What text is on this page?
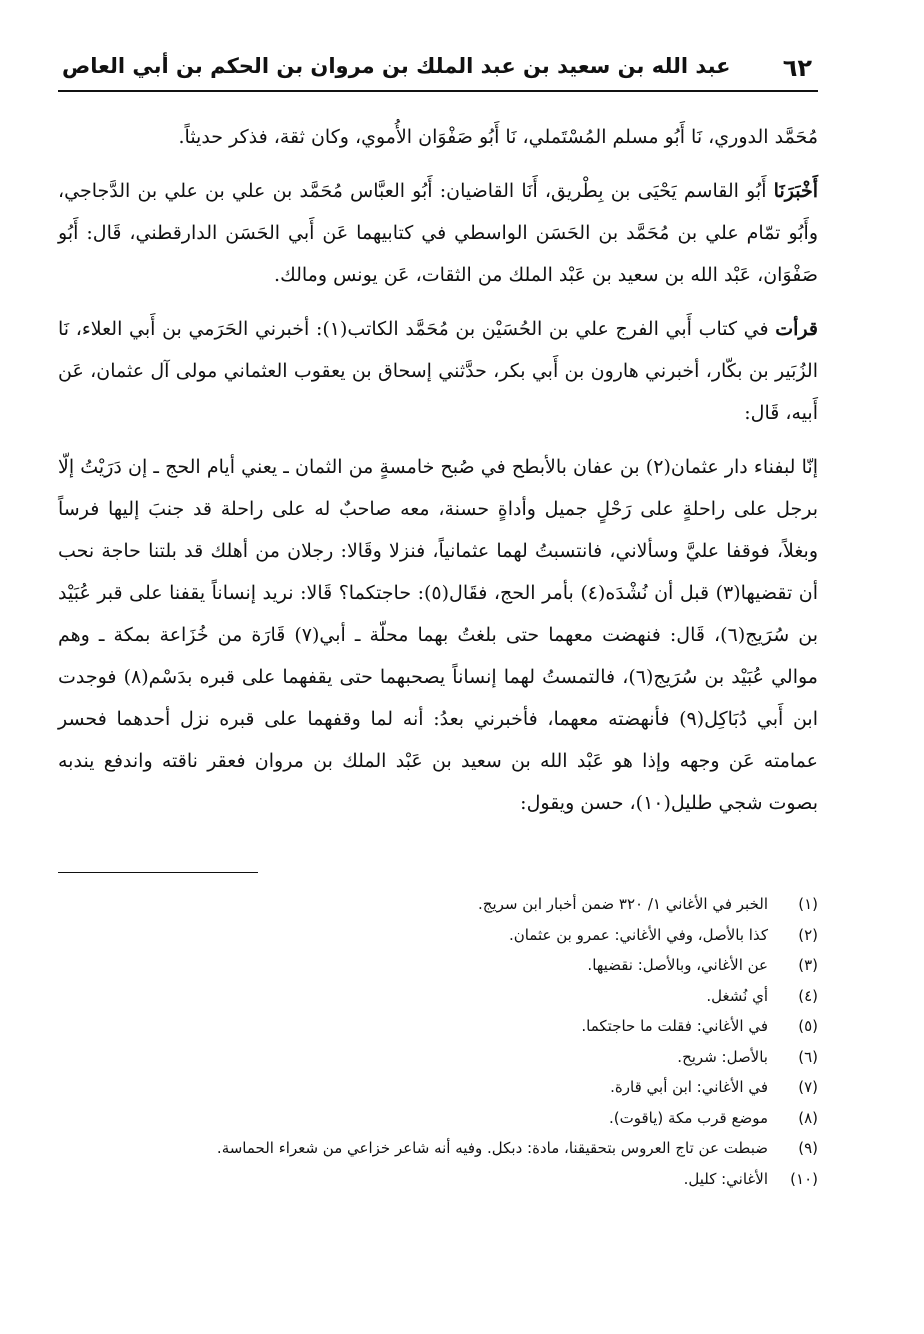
٦٢
عبد الله بن سعيد بن عبد الملك بن مروان بن الحكم بن أبي العاص

مُحَمَّد الدوري، نَا أَبُو مسلم المُسْتَملي، نَا أَبُو صَفْوَان الأُموي، وكان ثقة، فذكر حديثاً.

أَخْبَرَنَا أَبُو القاسم يَحْيَى بن بِطْريق، أَنَا القاضيان: أَبُو العبَّاس مُحَمَّد بن علي بن علي بن الدَّجاجي، وأَبُو تمّام علي بن مُحَمَّد بن الحَسَن الواسطي في كتابيهما عَن أَبي الحَسَن الدارقطني، قَال: أَبُو صَفْوَان، عَبْد الله بن سعيد بن عَبْد الملك من الثقات، عَن يونس ومالك.

قرأت في كتاب أَبي الفرج علي بن الحُسَيْن بن مُحَمَّد الكاتب(١): أخبرني الحَرَمي بن أَبي العلاء، نَا الزُبَير بن بكّار، أخبرني هارون بن أَبي بكر، حدَّثني إسحاق بن يعقوب العثماني مولى آل عثمان، عَن أَبيه، قَال:

إنّا لبفناء دار عثمان(٢) بن عفان بالأبطح في صُبح خامسةٍ من الثمان ـ يعني أيام الحج ـ إن دَرَيْتُ إلّا برجل على راحلةٍ على رَحْلٍ جميل وأداةٍ حسنة، معه صاحبٌ له على راحلة قد جنبَ إليها فرساً وبغلاً، فوقفا عليَّ وسألاني، فانتسبتُ لهما عثمانياً، فنزلا وقَالا: رجلان من أهلك قد بلتنا حاجة نحب أن تقضيها(٣) قبل أن نُشْدَه(٤) بأمر الحج، فقَال(٥): حاجتكما؟ قَالا: نريد إنساناً يقفنا على قبر عُبَيْد بن سُرَيج(٦)، قَال: فنهضت معهما حتى بلغتُ بهما محلّة ـ أبي(٧) قَارَة من خُزَاعة بمكة ـ وهم موالي عُبَيْد بن سُرَيج(٦)، فالتمستُ لهما إنساناً يصحبهما حتى يقفهما على قبره بدَسْم(٨) فوجدت ابن أَبي دُبَاكِل(٩) فأنهضته معهما، فأخبرني بعدُ: أنه لما وقفهما على قبره نزل أحدهما فحسر عمامته عَن وجهه وإذا هو عَبْد الله بن سعيد بن عَبْد الملك بن مروان فعقر ناقته واندفع يندبه بصوت شجي طليل(١٠)، حسن ويقول:

(١)
الخبر في الأغاني ١/ ٣٢٠ ضمن أخبار ابن سريج.
(٢)
كذا بالأصل، وفي الأغاني: عمرو بن عثمان.
(٣)
عن الأغاني، وبالأصل: نقضيها.
(٤)
أي نُشغل.
(٥)
في الأغاني: فقلت ما حاجتكما.
(٦)
بالأصل: شريح.
(٧)
في الأغاني: ابن أبي قارة.
(٨)
موضع قرب مكة (ياقوت).
(٩)
ضبطت عن تاج العروس بتحقيقنا، مادة: دبكل. وفيه أنه شاعر خزاعي من شعراء الحماسة.
(١٠)
الأغاني: كليل.
